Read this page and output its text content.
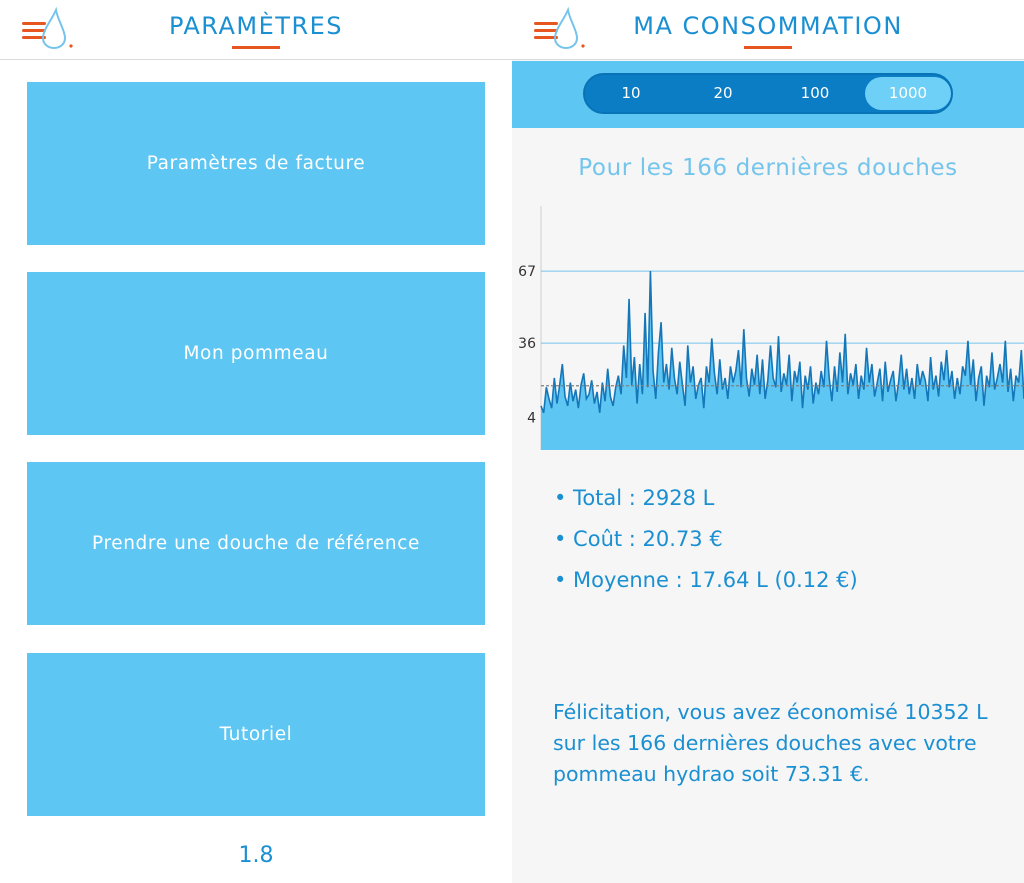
PARAMÈTRES
Paramètres de facture
Mon pommeau
Prendre une douche de référence
Tutoriel
1.8
MA CONSOMMATION
10	20	100	1000
Pour les 166 dernières douches
67
36
4
• Total : 2928 L
• Coût : 20.73 €
• Moyenne : 17.64 L (0.12 €)
Félicitation, vous avez économisé 10352 L sur les 166 dernières douches avec votre pommeau hydrao soit 73.31 €.
